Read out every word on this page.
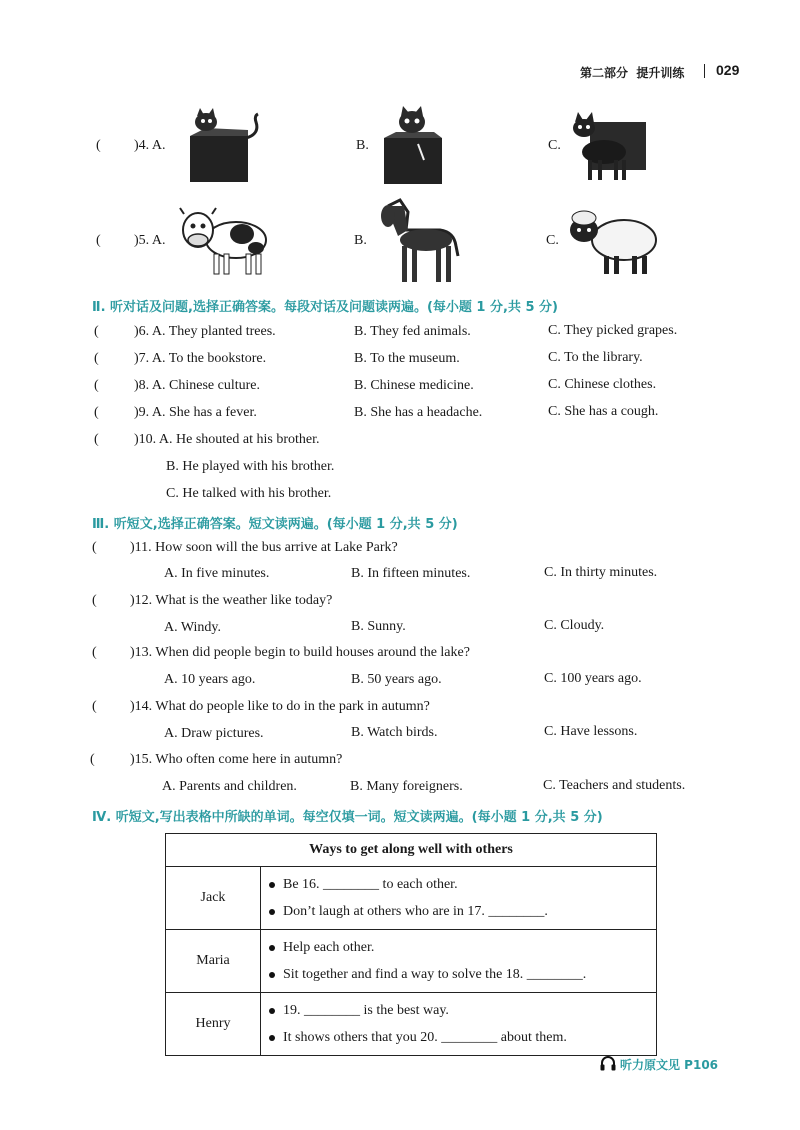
第二部分 提升训练 029
( )4. A.	B.	C.
( )5. A.	B.	C.
Ⅱ. 听对话及问题,选择正确答案。每段对话及问题读两遍。(每小题 1 分,共 5 分)
(	)6. A. They planted trees.	B. They fed animals.	C. They picked grapes.
(	)7. A. To the bookstore.	B. To the museum.	C. To the library.
(	)8. A. Chinese culture.	B. Chinese medicine.	C. Chinese clothes.
(	)9. A. She has a fever.	B. She has a headache.	C. She has a cough.
(	)10. A. He shouted at his brother.
B. He played with his brother.
C. He talked with his brother.
Ⅲ. 听短文,选择正确答案。短文读两遍。(每小题 1 分,共 5 分)
( )11. How soon will the bus arrive at Lake Park?
A. In five minutes.	B. In fifteen minutes.	C. In thirty minutes.
( )12. What is the weather like today?
A. Windy.	B. Sunny.	C. Cloudy.
( )13. When did people begin to build houses around the lake?
A. 10 years ago.	B. 50 years ago.	C. 100 years ago.
( )14. What do people like to do in the park in autumn?
A. Draw pictures.	B. Watch birds.	C. Have lessons.
(	)15. Who often come here in autumn?
A. Parents and children.	B. Many foreigners.	C. Teachers and students.
Ⅳ. 听短文,写出表格中所缺的单词。每空仅填一词。短文读两遍。(每小题 1 分,共 5 分)
Ways to get along well with others	
Jack	Be 16. ________ to each other.
Don’t laugh at others who are in 17. ________.

Maria	Help each other.
Sit together and find a way to solve the 18. ________.

Henry	19. ________ is the best way.
It shows others that you 20. ________ about them.
听力原文见 P106
